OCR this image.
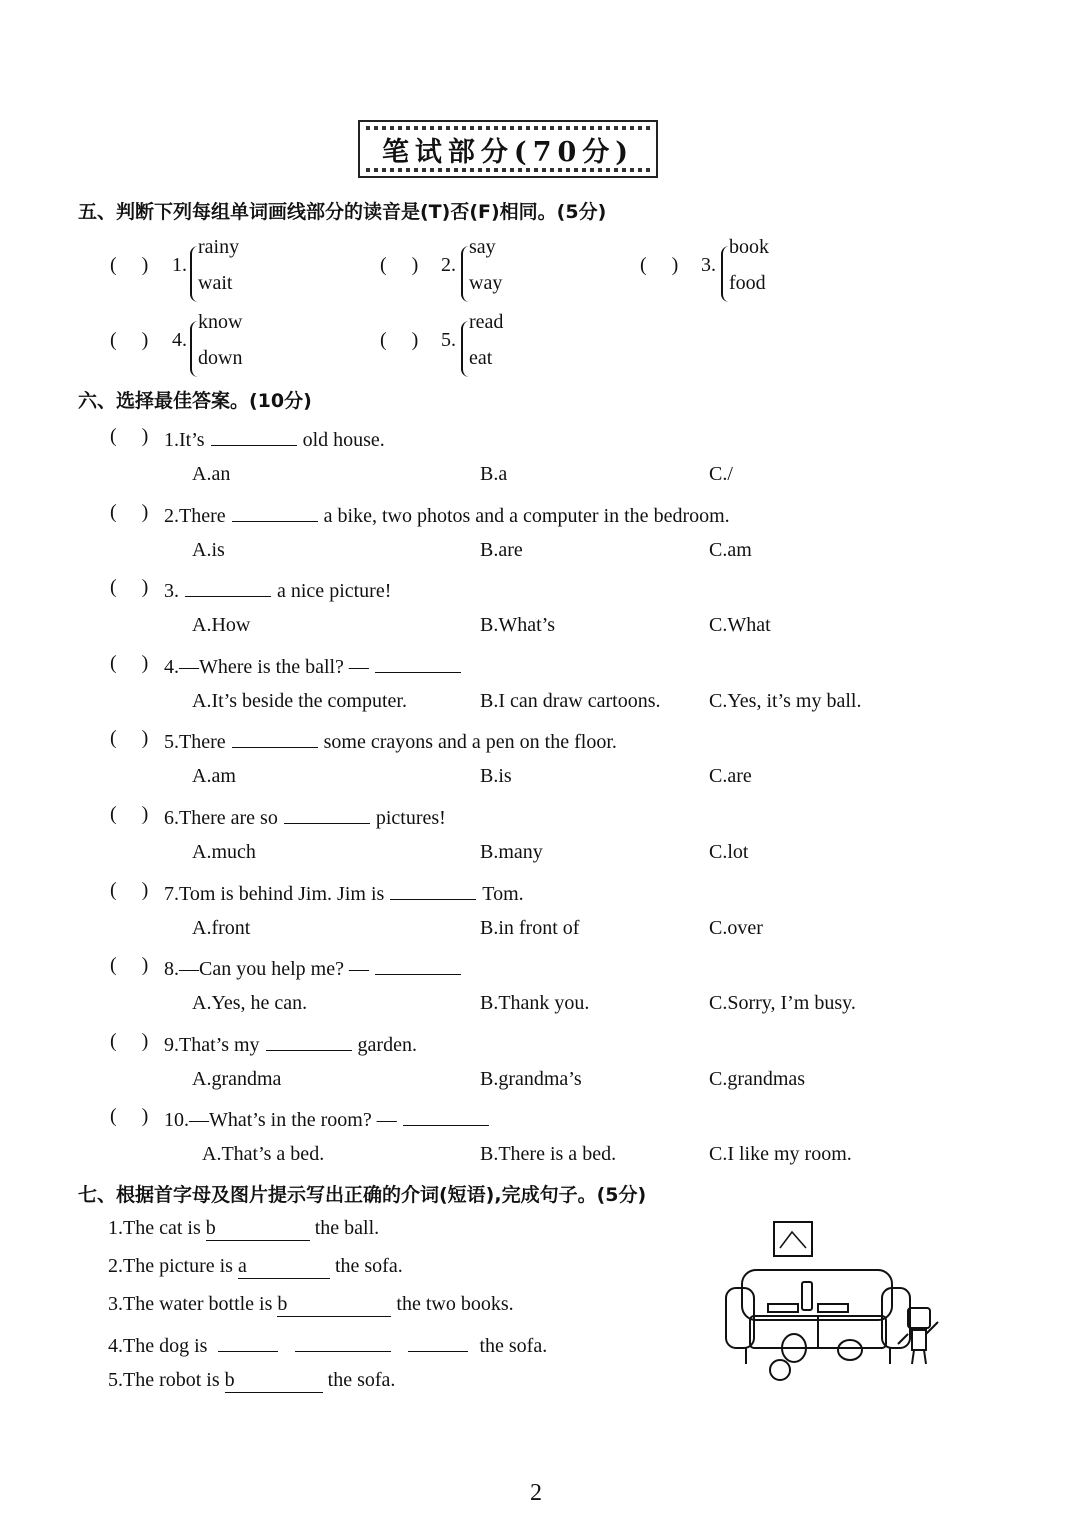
笔试部分(70分)
五、判断下列每组单词画线部分的读音是(T)否(F)相同。(5分)
(     ) 1.
rainy
wait
(     ) 2.
say
way
(     ) 3.
book
food
(     ) 4.
know
down
(     ) 5.
read
eat
六、选择最佳答案。(10分)
(     ) 1.It’s	old house.
A.an	B.a	C./
(     ) 2.There	a bike, two photos and a computer in the bedroom.
A.is	B.are	C.am
(     ) 3.	a nice picture!
A.How	B.What’s	C.What
(     ) 4.—Where is the ball? —
A.It’s beside the computer.	B.I can draw cartoons. C.Yes, it’s my ball.
(     ) 5.There	some crayons and a pen on the floor.
A.am	B.is	C.are
(     ) 6.There are so	pictures!
A.much	B.many	C.lot
(     ) 7.Tom is behind Jim. Jim is	Tom.
A.front	B.in front of	C.over
(     ) 8.—Can you help me? —
A.Yes, he can.	B.Thank you.	C.Sorry, I’m busy.
(     ) 9.That’s my	garden.
A.grandma	B.grandma’s	C.grandmas
(     ) 10.—What’s in the room? —
A.That’s a bed.	B.There is a bed.	C.I like my room.
七、根据首字母及图片提示写出正确的介词(短语),完成句子。(5分)
1.The cat is b	the ball.
2.The picture is a	the sofa.
3.The water bottle is b	the two books.
4.The dog is	the sofa.
5.The robot is b	the sofa.
2
